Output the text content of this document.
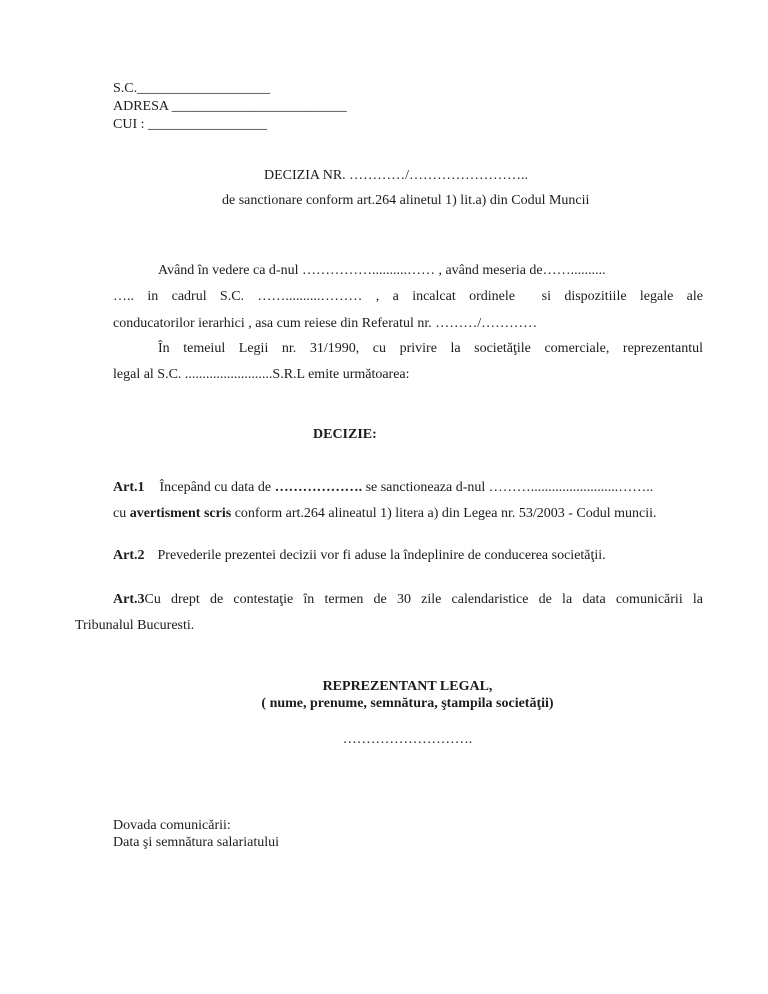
S.C.___________________
ADRESA _________________________
CUI : _________________
DECIZIA NR. …………/……………………..
de sanctionare conform art.264 alinetul 1) lit.a) din Codul Muncii
Având în vedere ca d-nul ……………..........…… , având meseria de……..........
….. in cadrul S.C. ……..........……… , a incalcat ordinele  si dispozitiile legale ale
conducatorilor ierarhici , asa cum reiese din Referatul nr. ………/…………
În temeiul Legii nr. 31/1990, cu privire la societăţile comerciale, reprezentantul
legal al S.C. .........................S.R.L emite următoarea:
DECIZIE:
Art.1 Începând cu data de ………………. se sanctioneaza d-nul ……….........................……..
cu avertisment scris conform art.264 alineatul 1) litera a) din Legea nr. 53/2003 - Codul muncii.
Art.2 Prevederile prezentei decizii vor fi aduse la îndeplinire de conducerea societăţii.
Art.3Cu drept de contestaţie în termen de 30 zile calendaristice de la data comunicării la
Tribunalul Bucuresti.
REPREZENTANT LEGAL,
( nume, prenume, semnătura, ştampila societăţii)
……………………….
Dovada comunicării:
Data şi semnătura salariatului
